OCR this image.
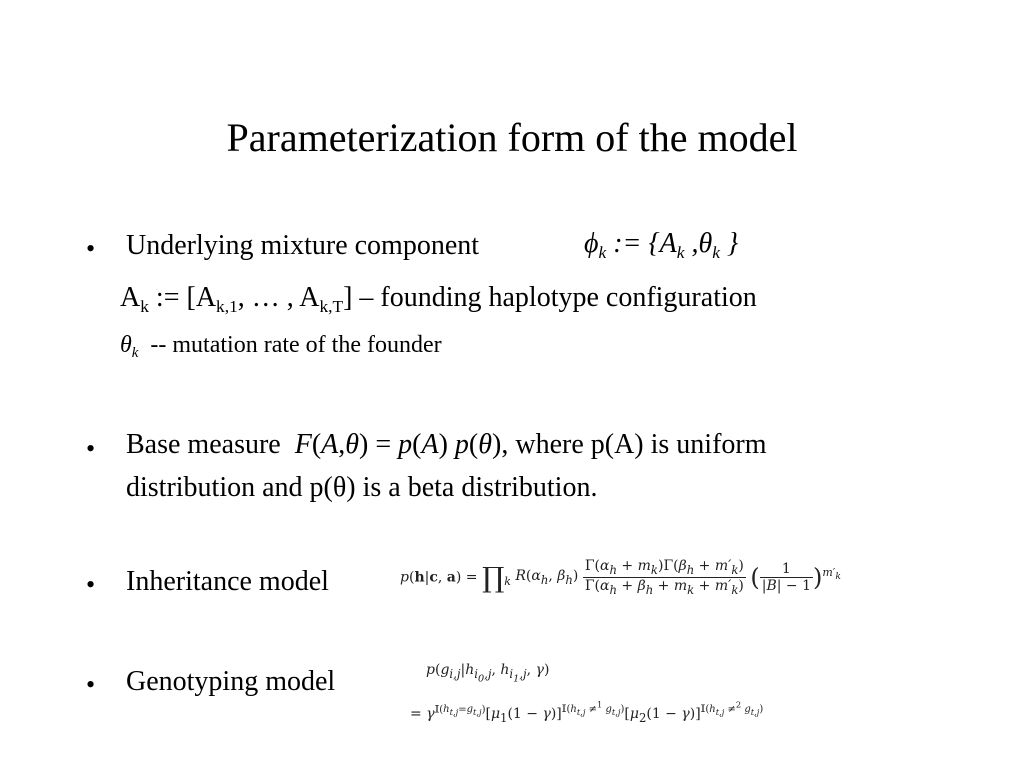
Parameterization form of the model
• Underlying mixture component	$\phi_k$ := {$A_k$ $,\theta_k$ }
$A_k$ := [$A_{k,1}$, … , $A_{k,T}$] – founding haplotype configuration
$\theta_k$  -- mutation rate of the founder
• Base measure F(A,θ) = p(A) p(θ), where p(A) is uniform
distribution and p(θ) is a beta distribution.
• Inheritance model	p(h|c, $a) = \prod_k$ $R(\alpha_h$, $\beta_h) \frac{\Gamma(\alpha_h + m_k)\Gamma(\beta_h + m'_k)}{\Gamma(\alpha_h + \beta_h + m_k + m'_k)}$ ( $\frac{1}{|B| - 1} )^{m'_k}$
• Genotyping model	$p(g_{i,j}|h_{i_0,j}$, $h_{i_1,j}$, γ)
= $\gamma^{𝕀(h_{t,j}=g_{t,j})}[\mu_1(1 - \gamma)]^{𝕀(h_{t,j} \ne^1 g_{t,j})}[\mu_2(1 - \gamma)]^{𝕀(h_{t,j} \ne^2 g_{t,j})}$
